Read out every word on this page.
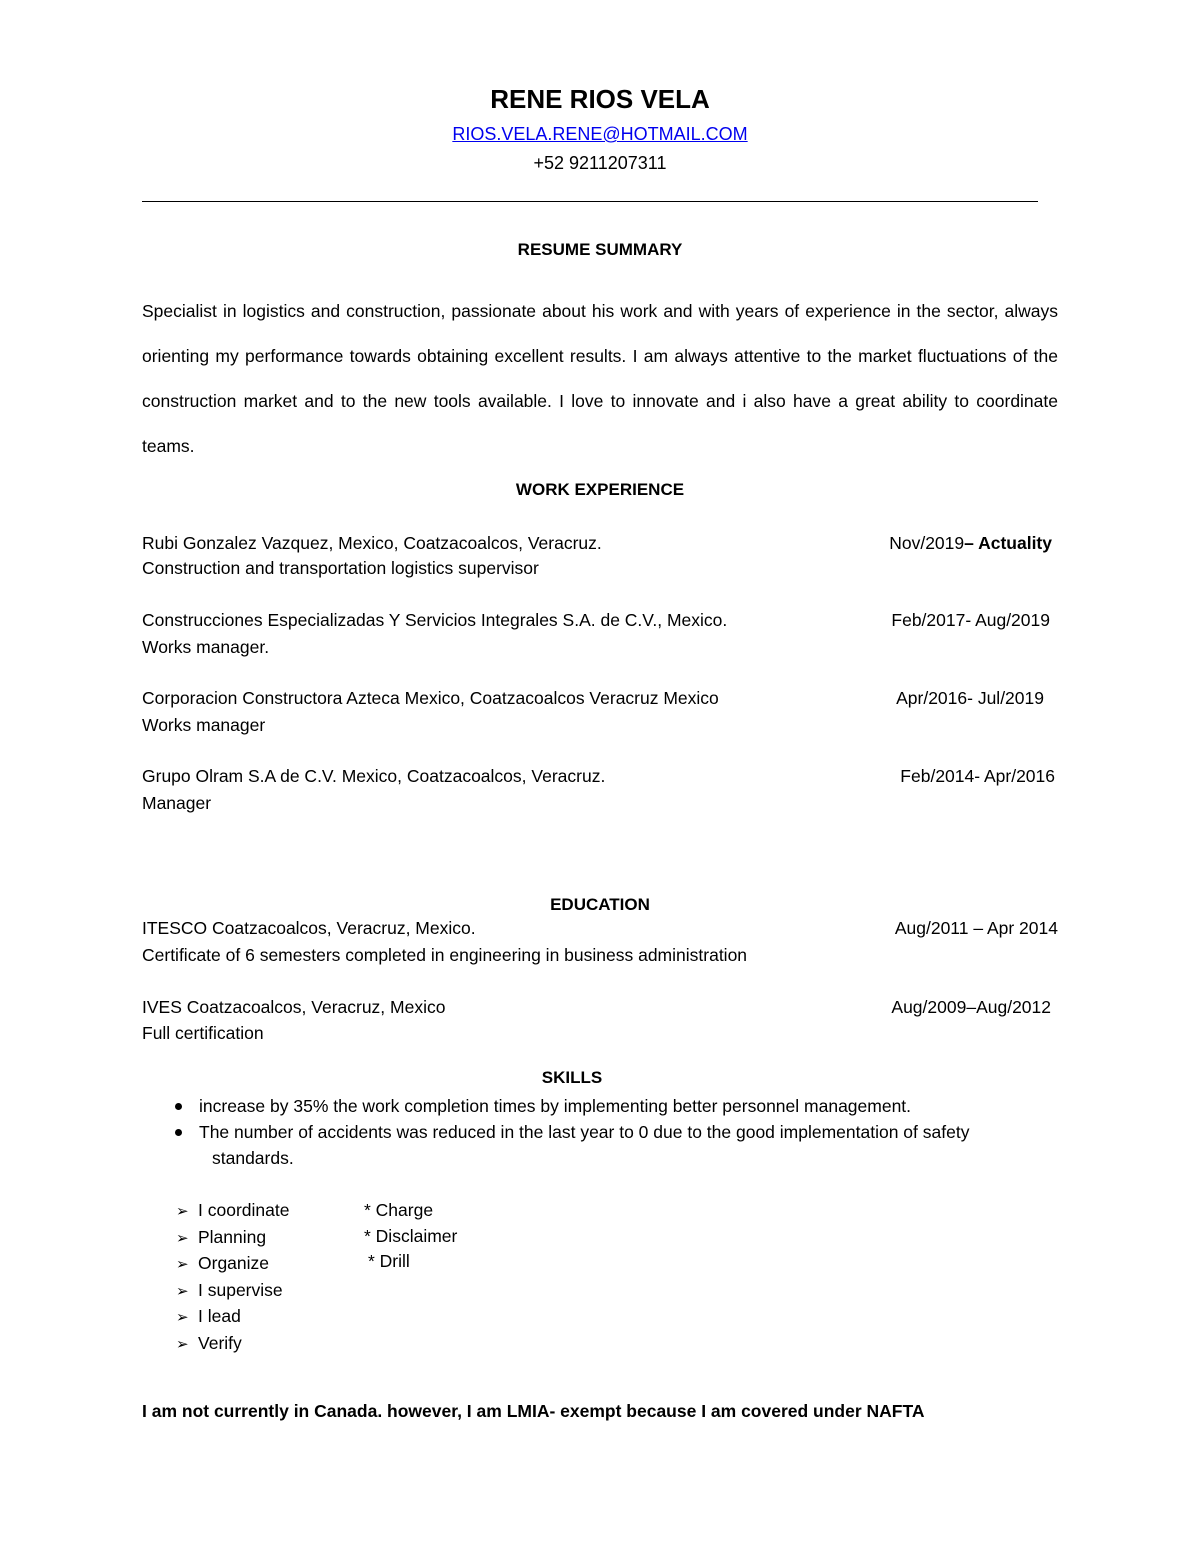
RENE RIOS VELA
RIOS.VELA.RENE@HOTMAIL.COM
+52 9211207311
RESUME SUMMARY
Specialist in logistics and construction, passionate about his work and with years of experience in the sector, always orienting my performance towards obtaining excellent results. I am always attentive to the market fluctuations of the construction market and to the new tools available. I love to innovate and i also have a great ability to coordinate teams.
WORK EXPERIENCE
Rubi Gonzalez Vazquez, Mexico, Coatzacoalcos, Veracruz.	Nov/2019– Actuality
Construction and transportation logistics supervisor
Construcciones Especializadas Y Servicios Integrales S.A. de C.V., Mexico.	Feb/2017- Aug/2019
Works manager.
Corporacion Constructora Azteca Mexico, Coatzacoalcos Veracruz Mexico	Apr/2016- Jul/2019
Works manager
Grupo Olram S.A de C.V. Mexico, Coatzacoalcos, Veracruz.	Feb/2014- Apr/2016
Manager
EDUCATION
ITESCO Coatzacoalcos, Veracruz, Mexico.	Aug/2011 – Apr 2014
Certificate of 6 semesters completed in engineering in business administration
IVES Coatzacoalcos, Veracruz, Mexico	Aug/2009–Aug/2012
Full certification
SKILLS
increase by 35% the work completion times by implementing better personnel management.
The number of accidents was reduced in the last year to 0 due to the good implementation of safety
standards.
➢ I coordinate
➢ Planning
➢ Organize
➢ I supervise
➢ I lead
➢ Verify
* Charge
* Disclaimer
* Drill
I am not currently in Canada. however, I am LMIA- exempt because I am covered under NAFTA
